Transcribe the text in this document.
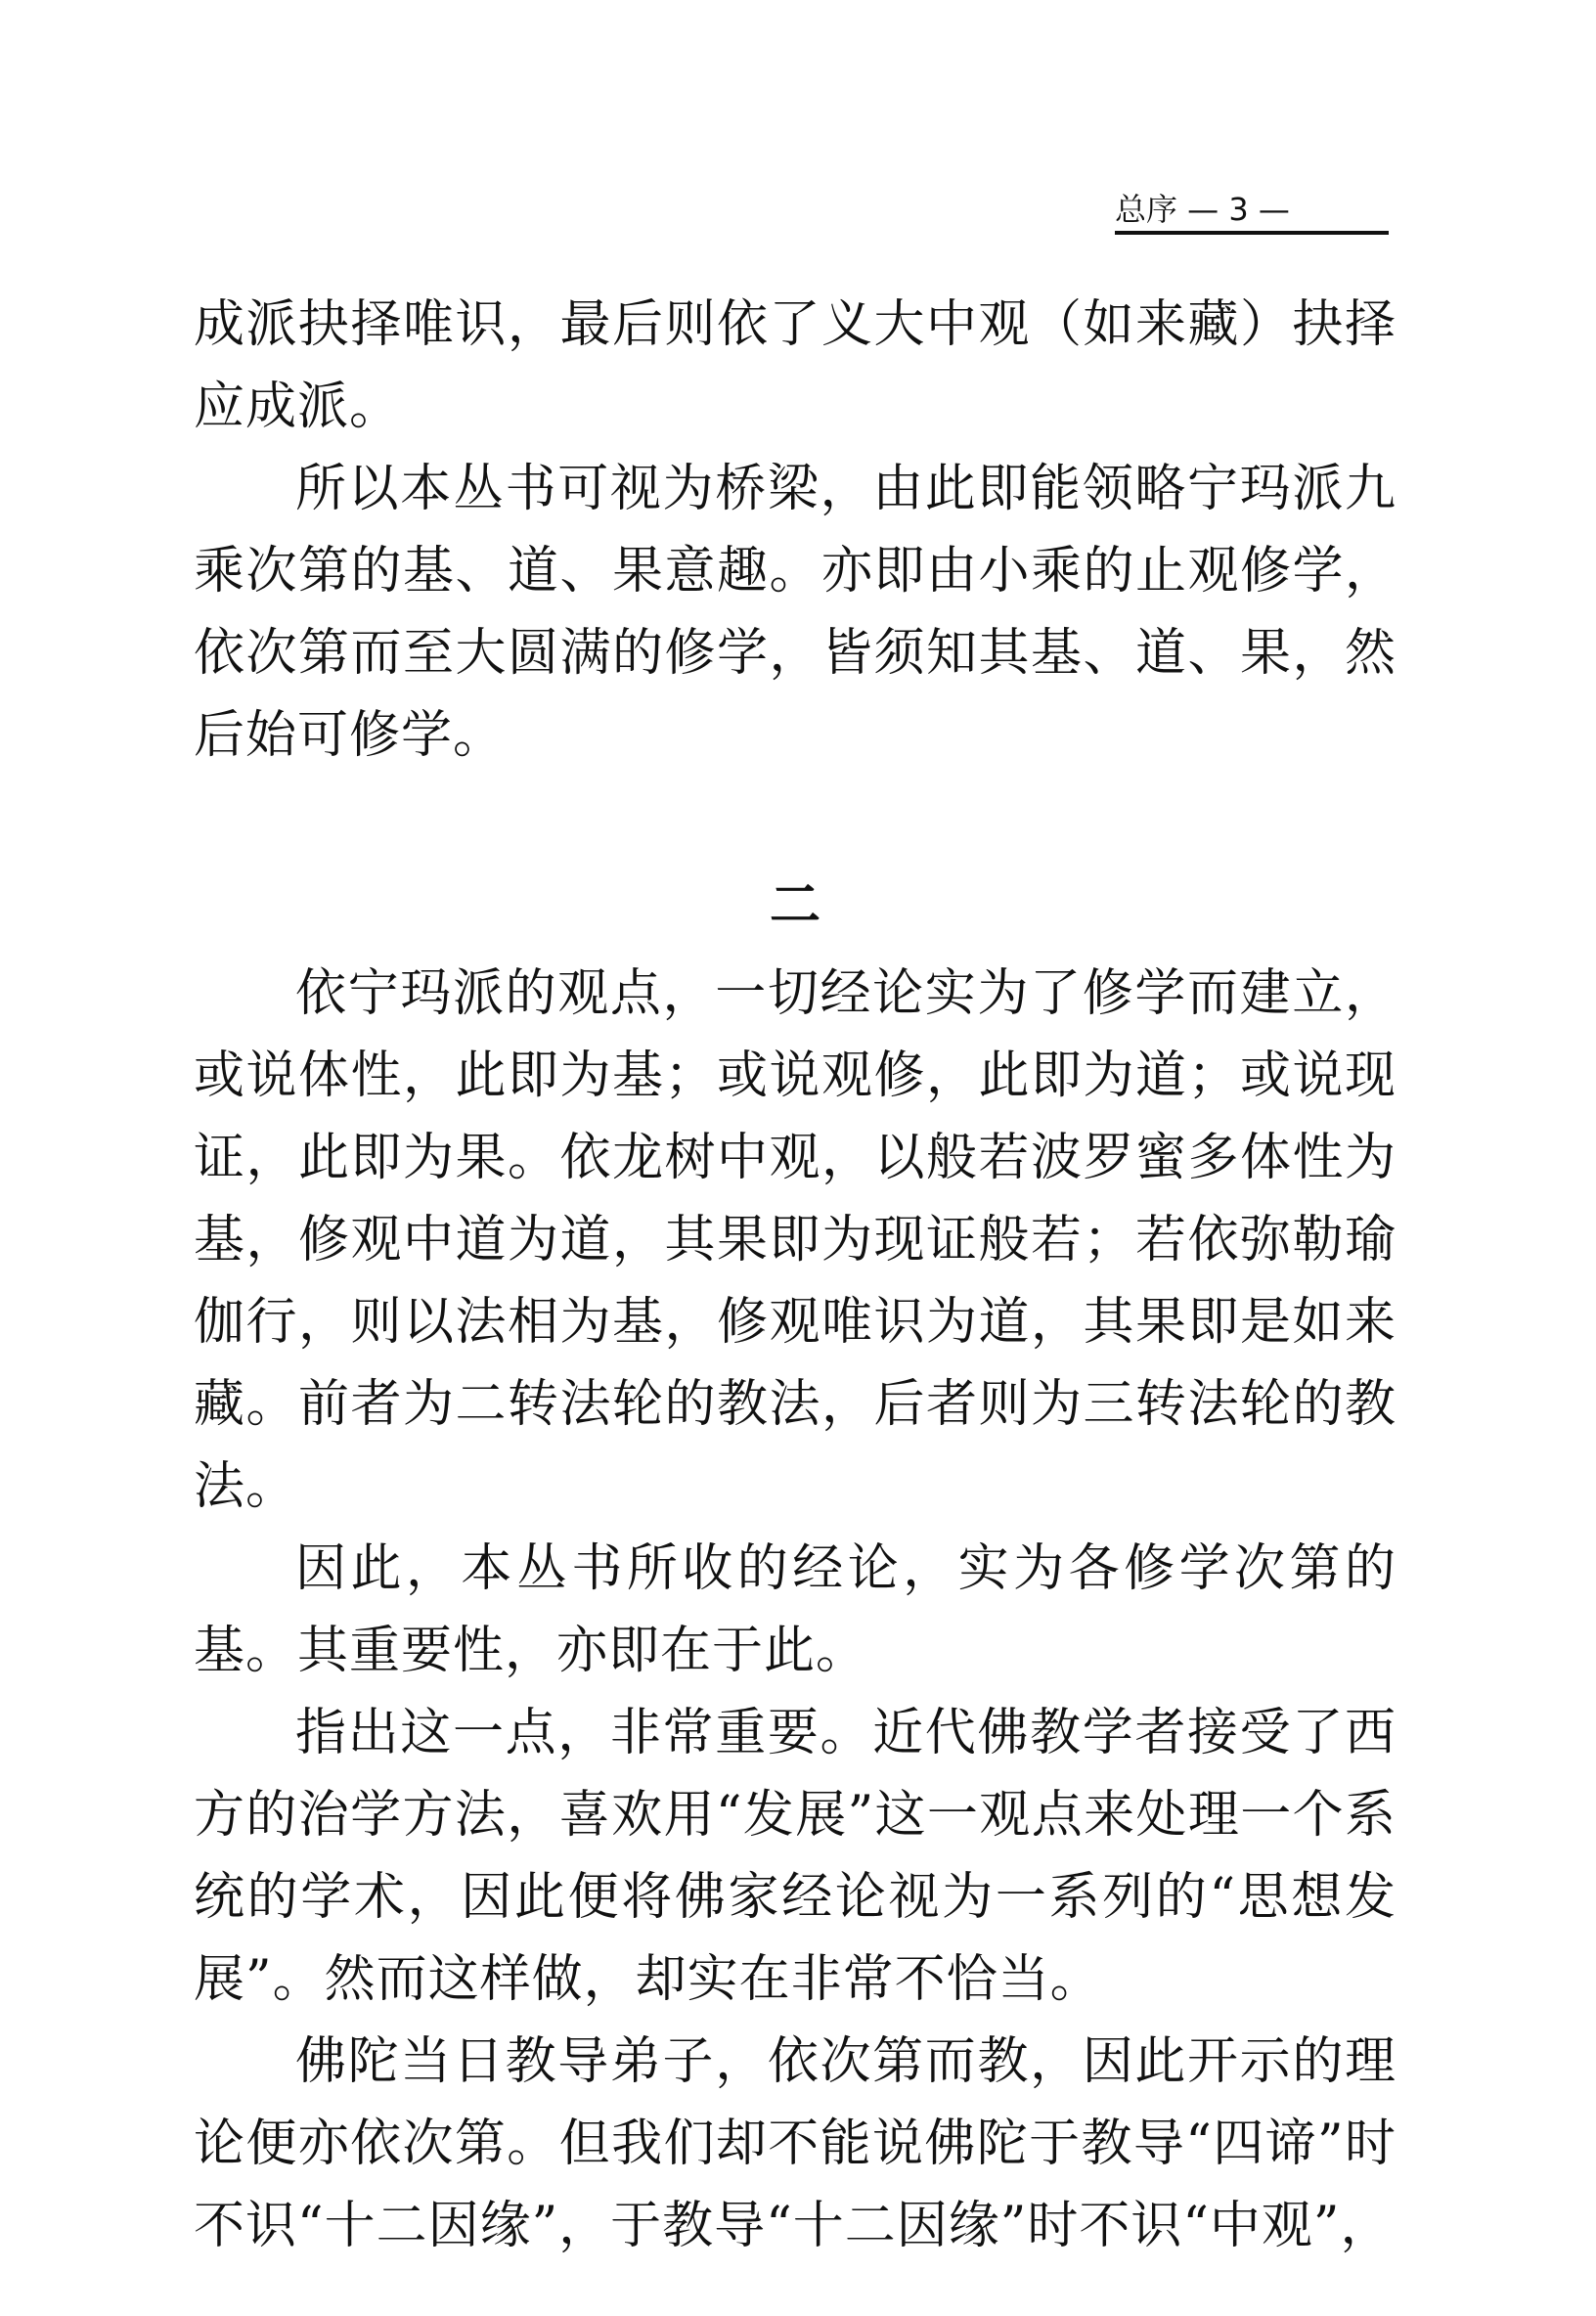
总序 — 3 —

成派抉择唯识，最后则依了义大中观（如来藏）抉择应成派。

所以本丛书可视为桥梁，由此即能领略宁玛派九乘次第的基、道、果意趣。亦即由小乘的止观修学，依次第而至大圆满的修学，皆须知其基、道、果，然后始可修学。

二

依宁玛派的观点，一切经论实为了修学而建立，或说体性，此即为基；或说观修，此即为道；或说现证，此即为果。依龙树中观，以般若波罗蜜多体性为基，修观中道为道，其果即为现证般若；若依弥勒瑜伽行，则以法相为基，修观唯识为道，其果即是如来藏。前者为二转法轮的教法，后者则为三转法轮的教法。

因此，本丛书所收的经论，实为各修学次第的基。其重要性，亦即在于此。

指出这一点，非常重要。近代佛教学者接受了西方的治学方法，喜欢用“发展”这一观点来处理一个系统的学术，因此便将佛家经论视为一系列的“思想发展”。然而这样做，却实在非常不恰当。

佛陀当日教导弟子，依次第而教，因此开示的理论便亦依次第。但我们却不能说佛陀于教导“四谛”时不识“十二因缘”，于教导“十二因缘”时不识“中观”，
